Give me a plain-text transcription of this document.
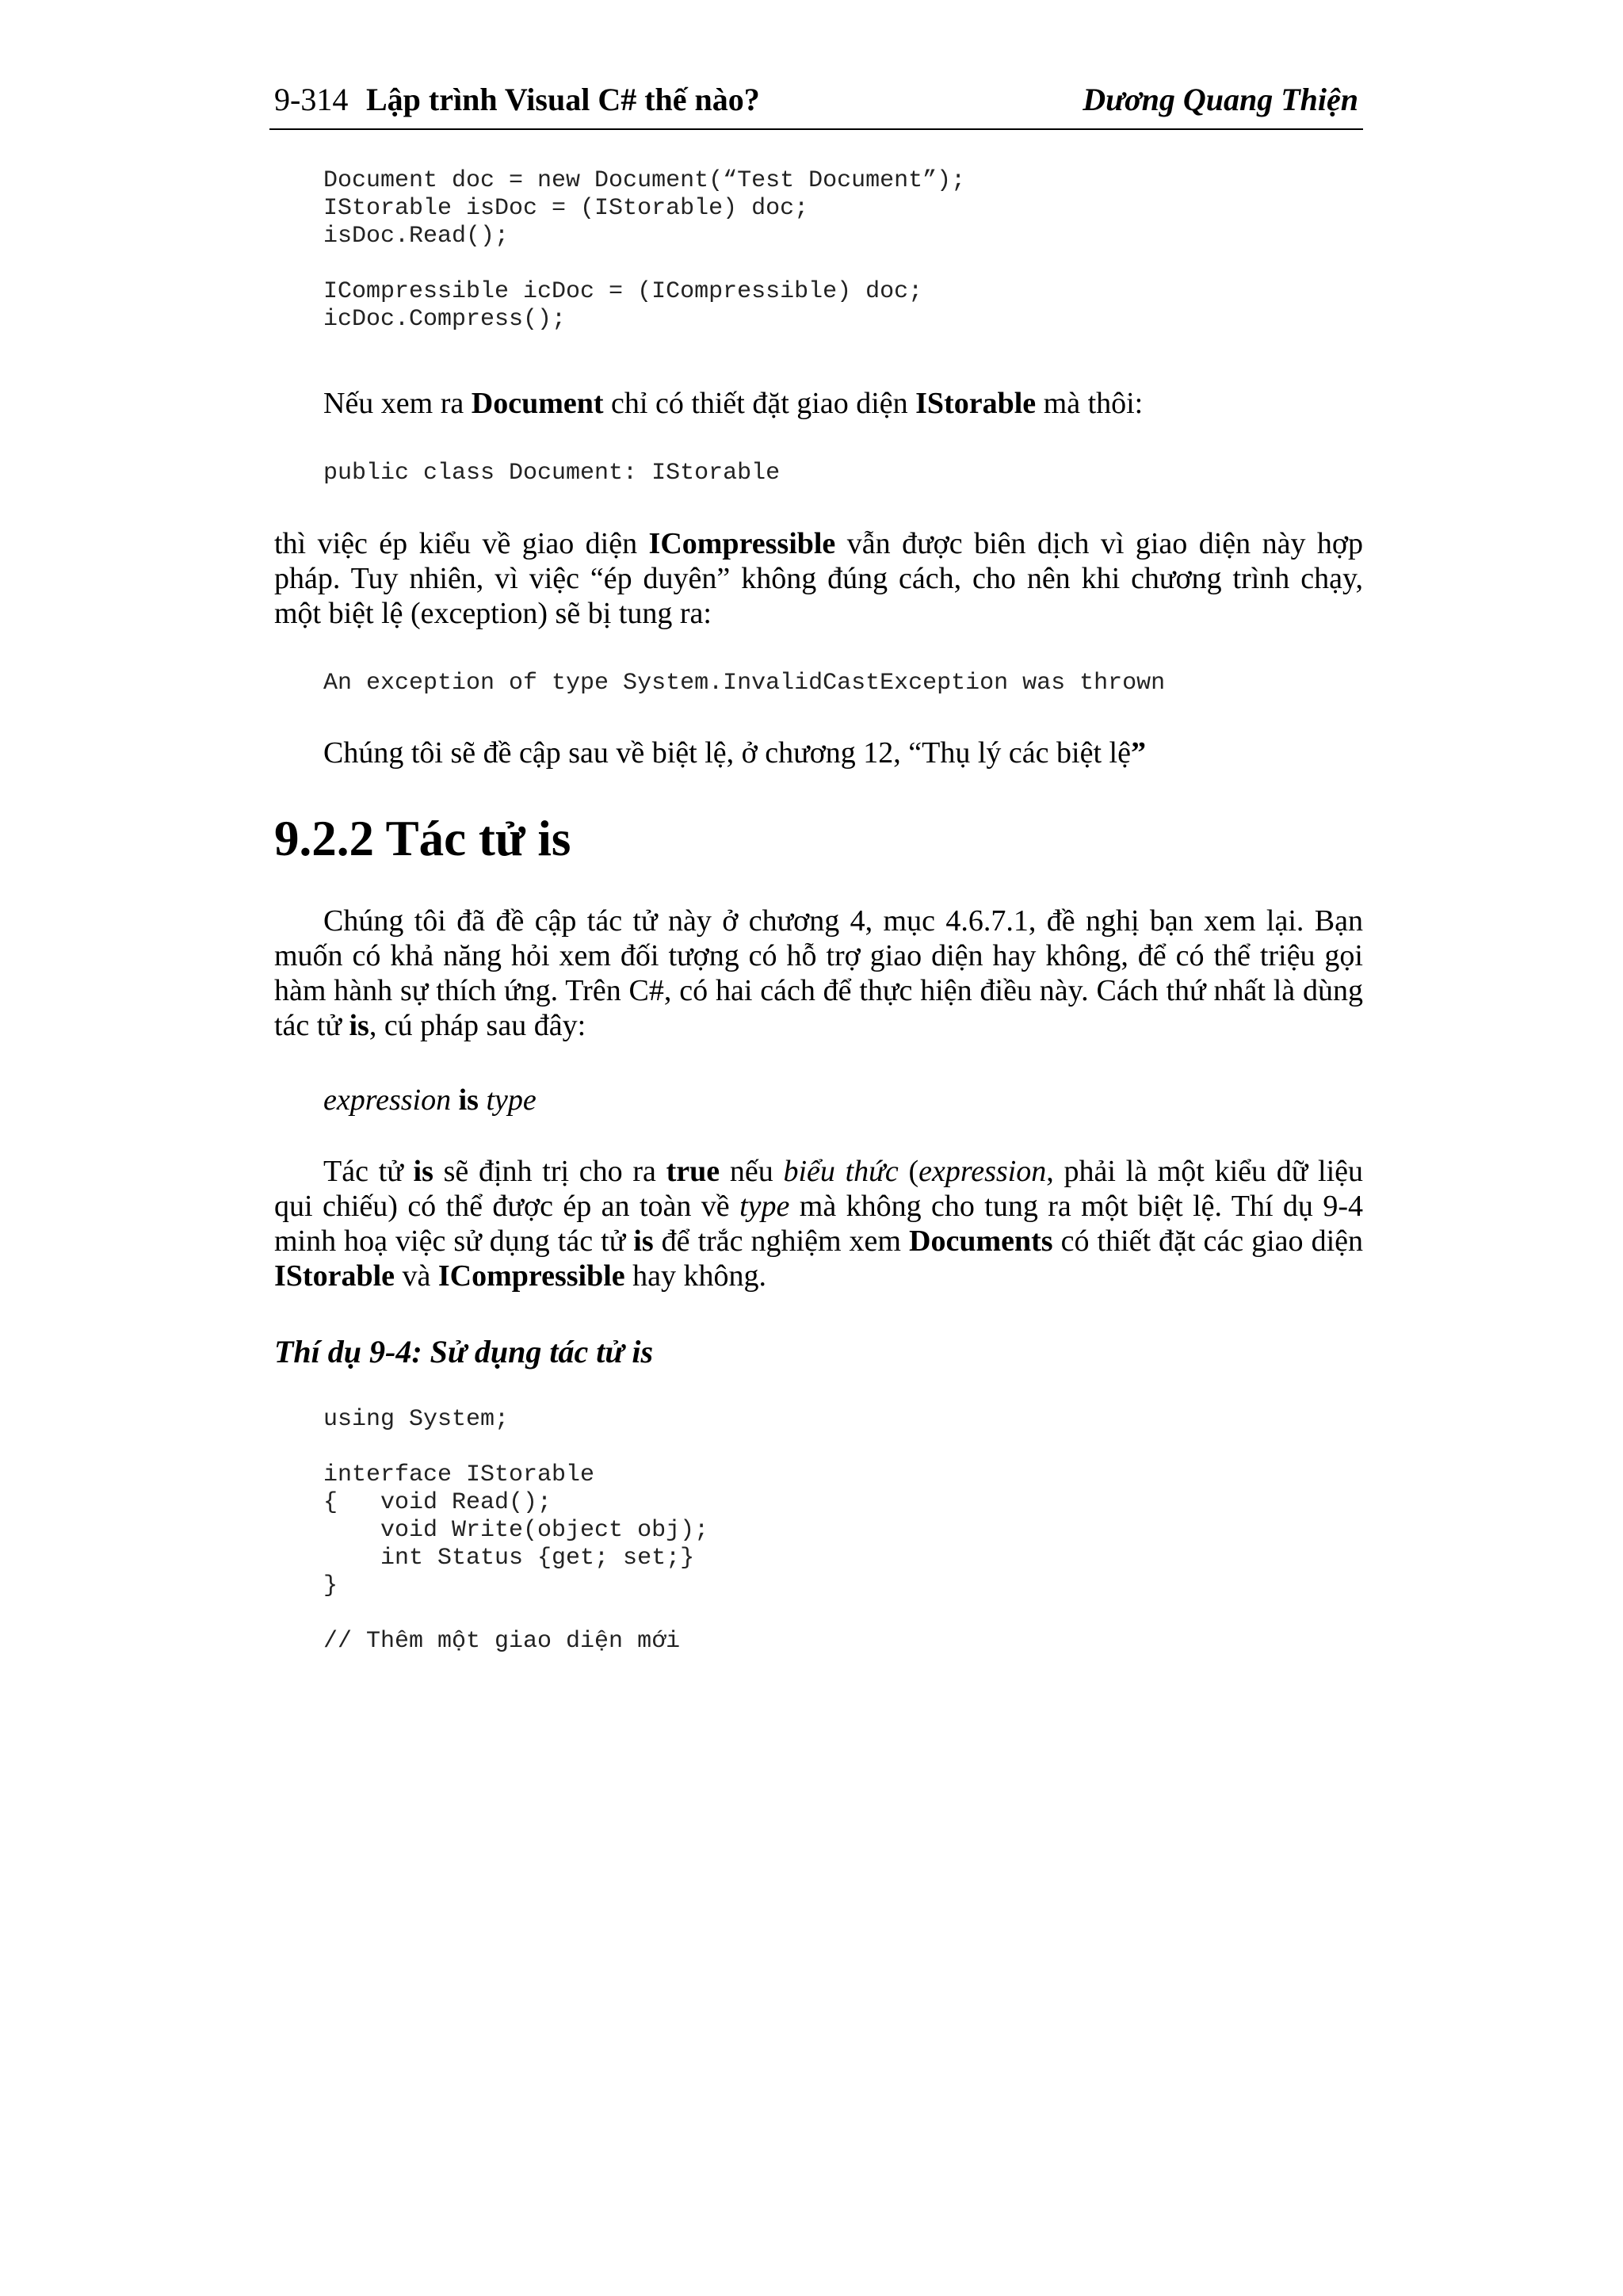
9-314 Lập trình Visual C# thế nào?	Dương Quang Thiện
Document doc = new Document(“Test Document”);
IStorable isDoc = (IStorable) doc;
isDoc.Read();

ICompressible icDoc = (ICompressible) doc;
icDoc.Compress();

Nếu xem ra Document chỉ có thiết đặt giao diện IStorable mà thôi:

public class Document: IStorable

thì việc ép kiểu về giao diện ICompressible vẫn được biên dịch vì giao diện này hợp pháp. Tuy nhiên, vì việc “ép duyên” không đúng cách, cho nên khi chương trình chạy, một biệt lệ (exception) sẽ bị tung ra:

An exception of type System.InvalidCastException was thrown

Chúng tôi sẽ đề cập sau về biệt lệ, ở chương 12, “Thụ lý các biệt lệ”

9.2.2 Tác tử is

Chúng tôi đã đề cập tác tử này ở chương 4, mục 4.6.7.1, đề nghị bạn xem lại. Bạn muốn có khả năng hỏi xem đối tượng có hỗ trợ giao diện hay không, để có thể triệu gọi hàm hành sự thích ứng. Trên C#, có hai cách để thực hiện điều này. Cách thứ nhất là dùng tác tử is, cú pháp sau đây:

expression is type

Tác tử is sẽ định trị cho ra true nếu biểu thức (expression, phải là một kiểu dữ liệu qui chiếu) có thể được ép an toàn về type mà không cho tung ra một biệt lệ. Thí dụ 9-4 minh hoạ việc sử dụng tác tử is để trắc nghiệm xem Documents có thiết đặt các giao diện IStorable và ICompressible hay không.

Thí dụ 9-4: Sử dụng tác tử is
using System;

interface IStorable
{   void Read();
void Write(object obj);
int Status {get; set;}
}

// Thêm một giao diện mới
